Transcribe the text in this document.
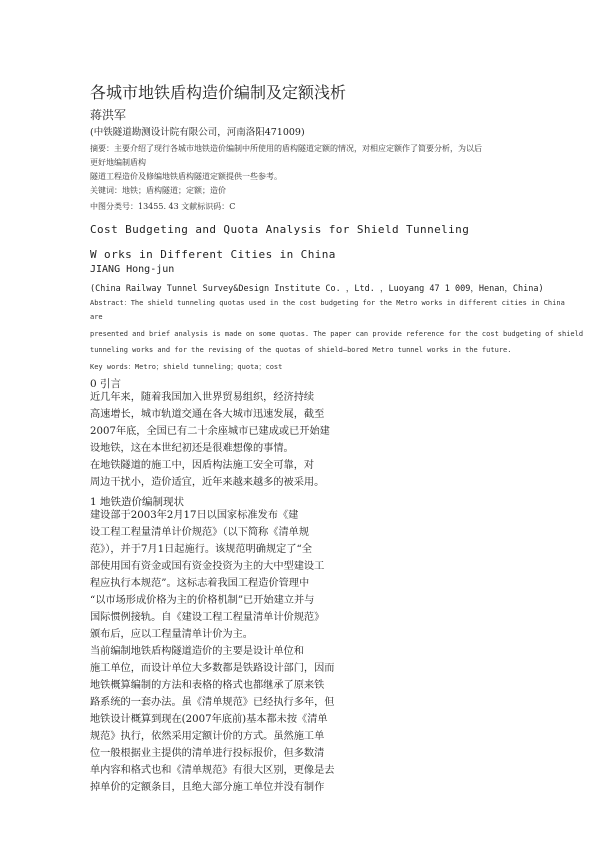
各城市地铁盾构造价编制及定额浅析
蒋洪军
(中铁隧道勘测设计院有限公司，河南洛阳471009)
摘要：主要介绍了现行各城市地铁造价编制中所使用的盾构隧道定额的情况，对相应定额作了简要分析，为以后
更好地编制盾构
隧道工程造价及修编地铁盾构隧道定额提供一些参考。
关键词：地铁；盾构隧道；定额；造价
中图分类号：13455. 43 文献标识码：C
Cost Budgeting and Quota Analysis for Shield Tunneling
W orks in Different Cities in China
JIANG Hong-jun
(China Railway Tunnel Survey&Design Institute Co. ，Ltd. ，Luoyang 47 1 009，Henan，China)
Abstract：The shield tunneling quotas used in the cost budgeting for the Metro works in different cities in China
are
presented and brief analysis is made on some quotas. The paper can provide reference for the cost budgeting of shield
tunneling works and for the revising of the quotas of shield—bored Metro tunnel works in the future.
Key words：Metro；shield tunneling；quota；cost
0 引言
近几年来，随着我国加入世界贸易组织，经济持续
高速增长，城市轨道交通在各大城市迅速发展，截至
2007年底，全国已有二十余座城市已建成或已开始建
设地铁，这在本世纪初还是很难想像的事情。
在地铁隧道的施工中，因盾构法施工安全可靠，对
周边干扰小，造价适宜，近年来越来越多的被采用。
1 地铁造价编制现状
建设部于2003年2月17日以国家标准发布《建
设工程工程量清单计价规范》（以下简称《清单规
范》），并于7月1日起施行。该规范明确规定了“全
部使用国有资金或国有资金投资为主的大中型建设工
程应执行本规范”。这标志着我国工程造价管理中
“以市场形成价格为主的价格机制”已开始建立并与
国际惯例接轨。自《建设工程工程量清单计价规范》
颁布后，应以工程量清单计价为主。
当前编制地铁盾构隧道造价的主要是设计单位和
施工单位，而设计单位大多数都是铁路设计部门，因而
地铁概算编制的方法和表格的格式也都继承了原来铁
路系统的一套办法。虽《清单规范》已经执行多年，但
地铁设计概算到现在(2007年底前)基本都未按《清单
规范》执行，依然采用定额计价的方式。虽然施工单
位一般根据业主提供的清单进行投标报价，但多数清
单内容和格式也和《清单规范》有很大区别，更像是去
掉单价的定额条目，且绝大部分施工单位并没有制作
